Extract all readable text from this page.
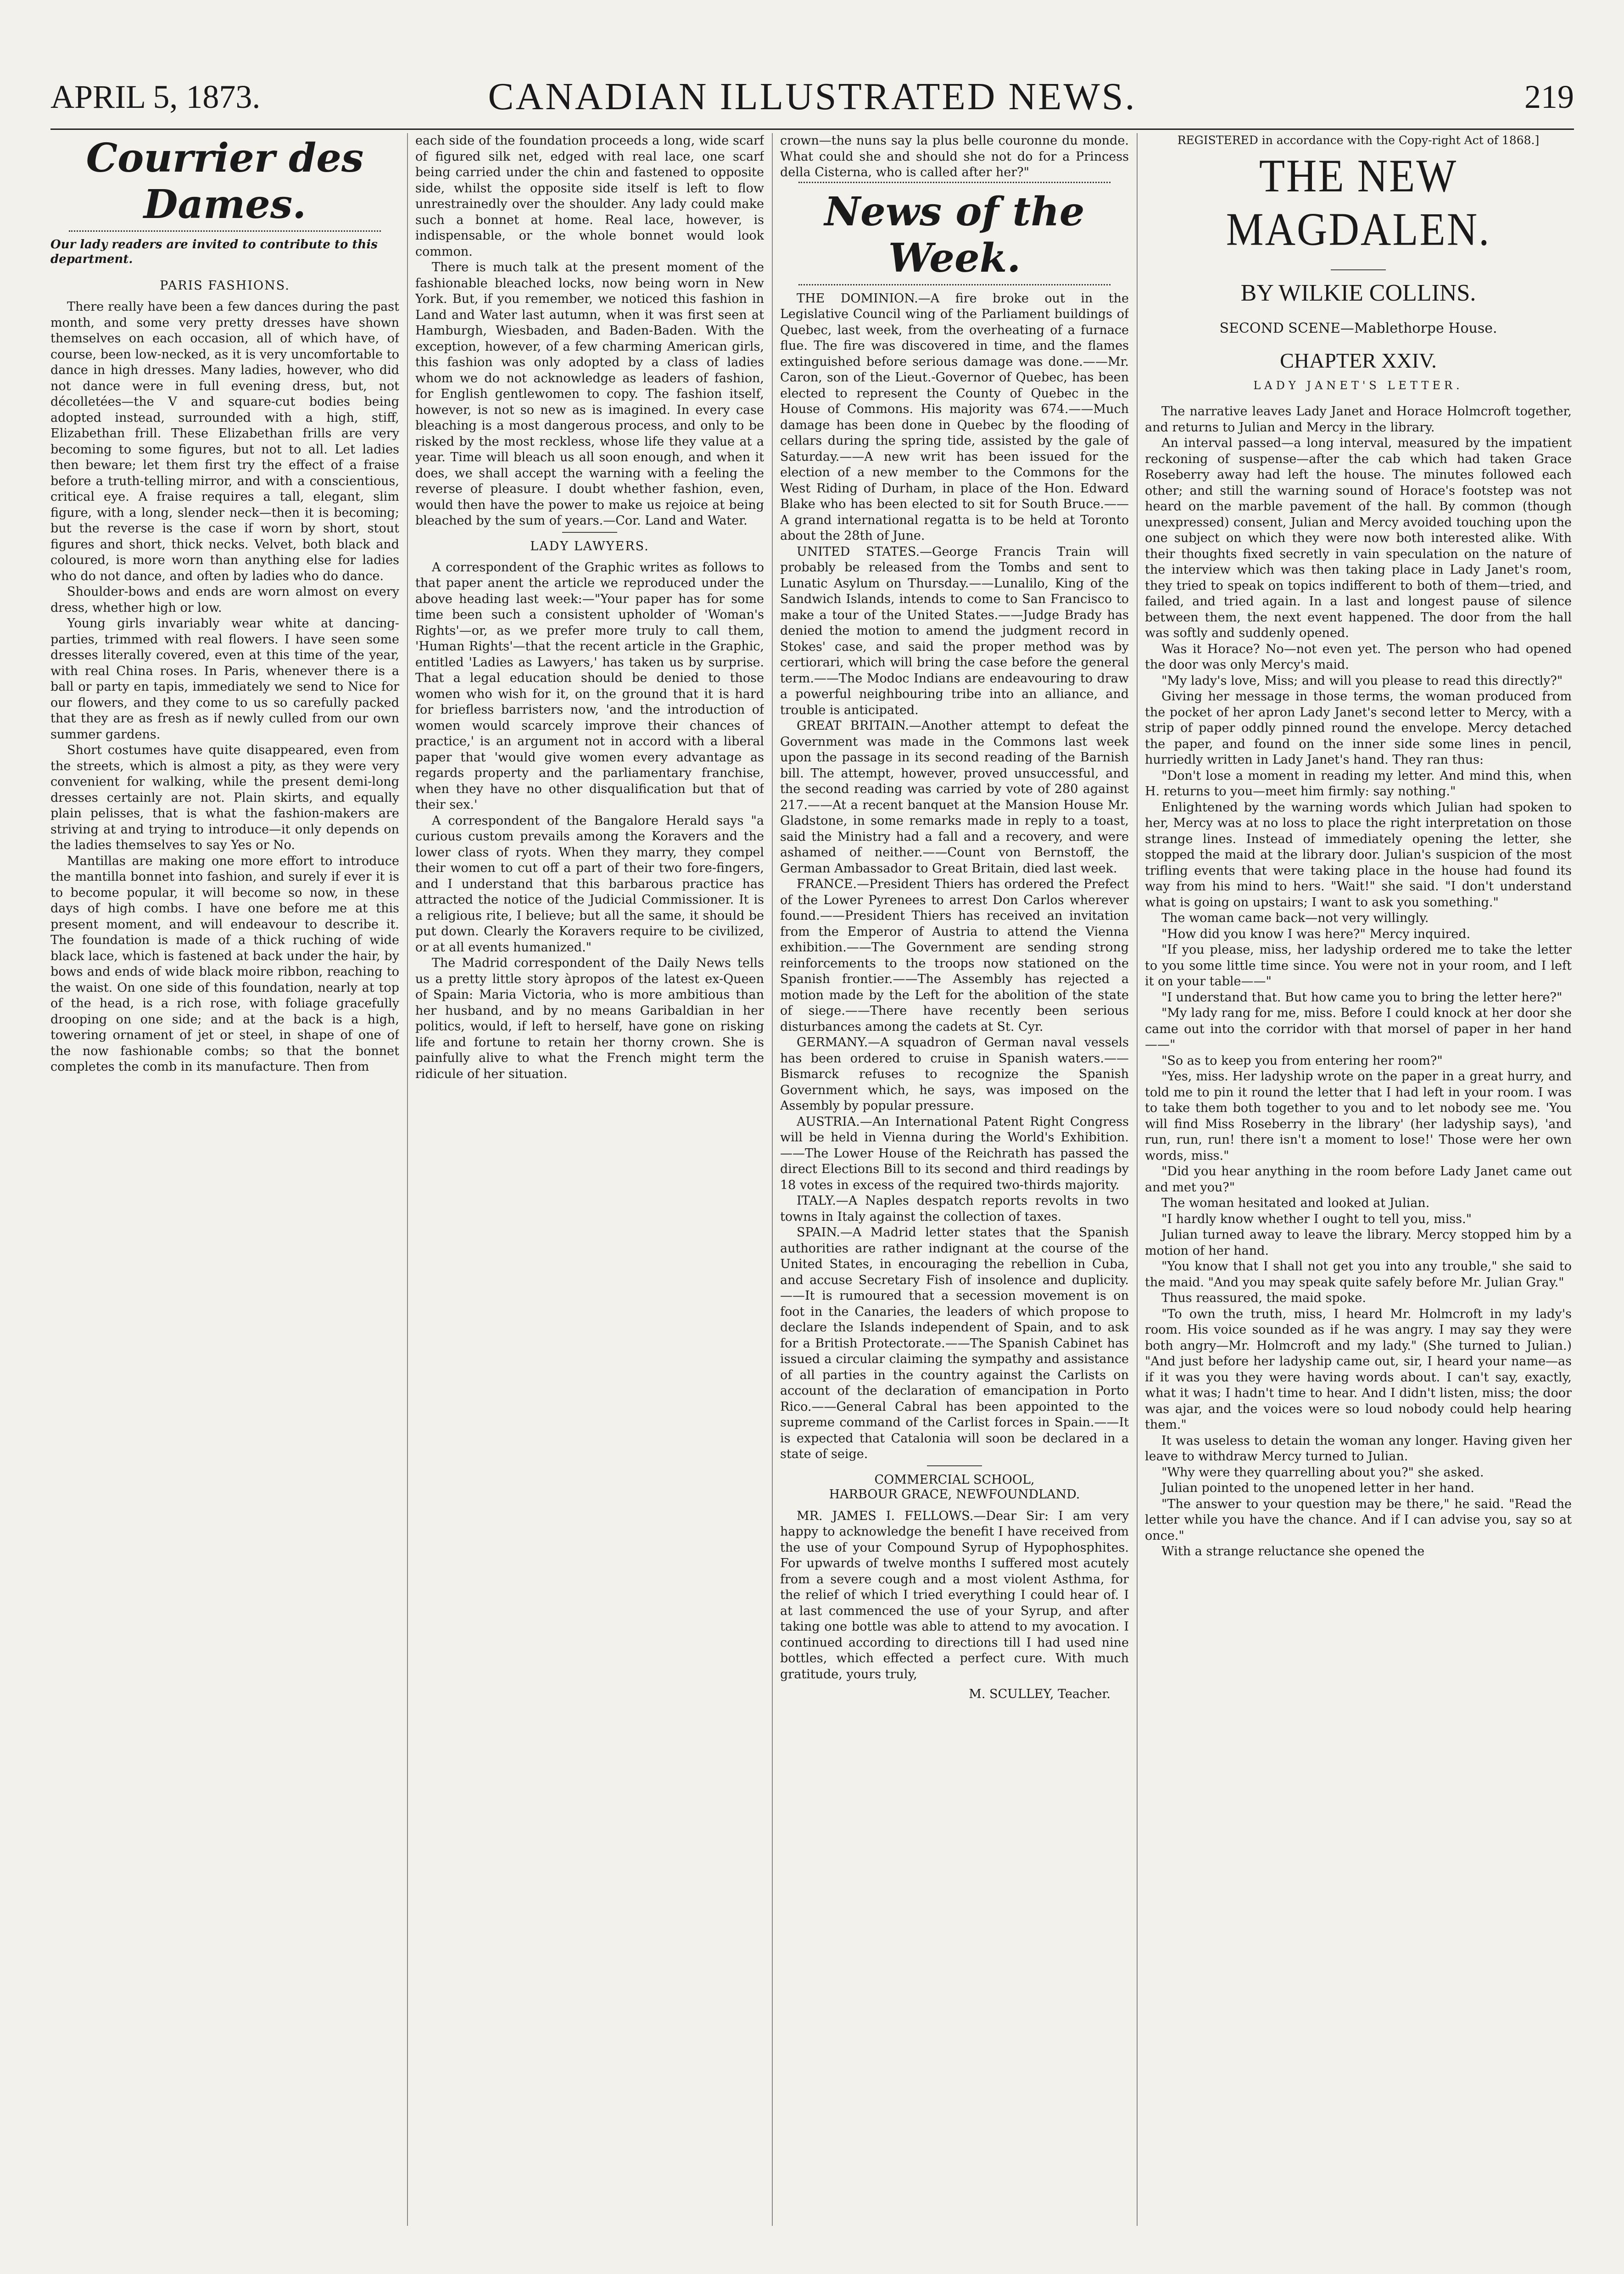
APRIL 5, 1873.	CANADIAN ILLUSTRATED NEWS.	219
Courrier des Dames.

Our lady readers are invited to contribute to this department.

PARIS FASHIONS.

There really have been a few dances during the past month, and some very pretty dresses have shown themselves on each occasion, all of which have, of course, been low-necked, as it is very uncomfortable to dance in high dresses. Many ladies, however, who did not dance were in full evening dress, but, not décolletées—the V and square-cut bodies being adopted instead, surrounded with a high, stiff, Elizabethan frill. These Elizabethan frills are very becoming to some figures, but not to all. Let ladies then beware; let them first try the effect of a fraise before a truth-telling mirror, and with a conscientious, critical eye. A fraise requires a tall, elegant, slim figure, with a long, slender neck—then it is becoming; but the reverse is the case if worn by short, stout figures and short, thick necks. Velvet, both black and coloured, is more worn than anything else for ladies who do not dance, and often by ladies who do dance.

Shoulder-bows and ends are worn almost on every dress, whether high or low.

Young girls invariably wear white at dancing-parties, trimmed with real flowers. I have seen some dresses literally covered, even at this time of the year, with real China roses. In Paris, whenever there is a ball or party en tapis, immediately we send to Nice for our flowers, and they come to us so carefully packed that they are as fresh as if newly culled from our own summer gardens.

Short costumes have quite disappeared, even from the streets, which is almost a pity, as they were very convenient for walking, while the present demi-long dresses certainly are not. Plain skirts, and equally plain pelisses, that is what the fashion-makers are striving at and trying to introduce—it only depends on the ladies themselves to say Yes or No.

Mantillas are making one more effort to introduce the mantilla bonnet into fashion, and surely if ever it is to become popular, it will become so now, in these days of high combs. I have one before me at this present moment, and will endeavour to describe it. The foundation is made of a thick ruching of wide black lace, which is fastened at back under the hair, by bows and ends of wide black moire ribbon, reaching to the waist. On one side of this foundation, nearly at top of the head, is a rich rose, with foliage gracefully drooping on one side; and at the back is a high, towering ornament of jet or steel, in shape of one of the now fashionable combs; so that the bonnet completes the comb in its manufacture. Then from

each side of the foundation proceeds a long, wide scarf of figured silk net, edged with real lace, one scarf being carried under the chin and fastened to opposite side, whilst the opposite side itself is left to flow unrestrainedly over the shoulder. Any lady could make such a bonnet at home. Real lace, however, is indispensable, or the whole bonnet would look common.

There is much talk at the present moment of the fashionable bleached locks, now being worn in New York. But, if you remember, we noticed this fashion in Land and Water last autumn, when it was first seen at Hamburgh, Wiesbaden, and Baden-Baden. With the exception, however, of a few charming American girls, this fashion was only adopted by a class of ladies whom we do not acknowledge as leaders of fashion, for English gentlewomen to copy. The fashion itself, however, is not so new as is imagined. In every case bleaching is a most dangerous process, and only to be risked by the most reckless, whose life they value at a year. Time will bleach us all soon enough, and when it does, we shall accept the warning with a feeling the reverse of pleasure. I doubt whether fashion, even, would then have the power to make us rejoice at being bleached by the sum of years.—Cor. Land and Water.

LADY LAWYERS.

A correspondent of the Graphic writes as follows to that paper anent the article we reproduced under the above heading last week:—"Your paper has for some time been such a consistent upholder of 'Woman's Rights'—or, as we prefer more truly to call them, 'Human Rights'—that the recent article in the Graphic, entitled 'Ladies as Lawyers,' has taken us by surprise. That a legal education should be denied to those women who wish for it, on the ground that it is hard for briefless barristers now, 'and the introduction of women would scarcely improve their chances of practice,' is an argument not in accord with a liberal paper that 'would give women every advantage as regards property and the parliamentary franchise, when they have no other disqualification but that of their sex.'

A correspondent of the Bangalore Herald says "a curious custom prevails among the Koravers and the lower class of ryots. When they marry, they compel their women to cut off a part of their two fore-fingers, and I understand that this barbarous practice has attracted the notice of the Judicial Commissioner. It is a religious rite, I believe; but all the same, it should be put down. Clearly the Koravers require to be civilized, or at all events humanized."

The Madrid correspondent of the Daily News tells us a pretty little story àpropos of the latest ex-Queen of Spain: Maria Victoria, who is more ambitious than her husband, and by no means Garibaldian in her politics, would, if left to herself, have gone on risking life and fortune to retain her thorny crown. She is painfully alive to what the French might term the ridicule of her situation.

crown—the nuns say la plus belle couronne du monde. What could she and should she not do for a Princess della Cisterna, who is called after her?"

News of the Week.

THE DOMINION.—A fire broke out in the Legislative Council wing of the Parliament buildings of Quebec, last week, from the overheating of a furnace flue. The fire was discovered in time, and the flames extinguished before serious damage was done.——Mr. Caron, son of the Lieut.-Governor of Quebec, has been elected to represent the County of Quebec in the House of Commons. His majority was 674.——Much damage has been done in Quebec by the flooding of cellars during the spring tide, assisted by the gale of Saturday.——A new writ has been issued for the election of a new member to the Commons for the West Riding of Durham, in place of the Hon. Edward Blake who has been elected to sit for South Bruce.——A grand international regatta is to be held at Toronto about the 28th of June.

UNITED STATES.—George Francis Train will probably be released from the Tombs and sent to Lunatic Asylum on Thursday.——Lunalilo, King of the Sandwich Islands, intends to come to San Francisco to make a tour of the United States.——Judge Brady has denied the motion to amend the judgment record in Stokes' case, and said the proper method was by certiorari, which will bring the case before the general term.——The Modoc Indians are endeavouring to draw a powerful neighbouring tribe into an alliance, and trouble is anticipated.

GREAT BRITAIN.—Another attempt to defeat the Government was made in the Commons last week upon the passage in its second reading of the Barnish bill. The attempt, however, proved unsuccessful, and the second reading was carried by vote of 280 against 217.——At a recent banquet at the Mansion House Mr. Gladstone, in some remarks made in reply to a toast, said the Ministry had a fall and a recovery, and were ashamed of neither.——Count von Bernstoff, the German Ambassador to Great Britain, died last week.

FRANCE.—President Thiers has ordered the Prefect of the Lower Pyrenees to arrest Don Carlos wherever found.——President Thiers has received an invitation from the Emperor of Austria to attend the Vienna exhibition.——The Government are sending strong reinforcements to the troops now stationed on the Spanish frontier.——The Assembly has rejected a motion made by the Left for the abolition of the state of siege.——There have recently been serious disturbances among the cadets at St. Cyr.

GERMANY.—A squadron of German naval vessels has been ordered to cruise in Spanish waters.——Bismarck refuses to recognize the Spanish Government which, he says, was imposed on the Assembly by popular pressure.

AUSTRIA.—An International Patent Right Congress will be held in Vienna during the World's Exhibition.——The Lower House of the Reichrath has passed the direct Elections Bill to its second and third readings by 18 votes in excess of the required two-thirds majority.

ITALY.—A Naples despatch reports revolts in two towns in Italy against the collection of taxes.

SPAIN.—A Madrid letter states that the Spanish authorities are rather indignant at the course of the United States, in encouraging the rebellion in Cuba, and accuse Secretary Fish of insolence and duplicity.——It is rumoured that a secession movement is on foot in the Canaries, the leaders of which propose to declare the Islands independent of Spain, and to ask for a British Protectorate.——The Spanish Cabinet has issued a circular claiming the sympathy and assistance of all parties in the country against the Carlists on account of the declaration of emancipation in Porto Rico.——General Cabral has been appointed to the supreme command of the Carlist forces in Spain.——It is expected that Catalonia will soon be declared in a state of seige.

COMMERCIAL SCHOOL,
HARBOUR GRACE, NEWFOUNDLAND.

MR. JAMES I. FELLOWS.—Dear Sir: I am very happy to acknowledge the benefit I have received from the use of your Compound Syrup of Hypophosphites. For upwards of twelve months I suffered most acutely from a severe cough and a most violent Asthma, for the relief of which I tried everything I could hear of. I at last commenced the use of your Syrup, and after taking one bottle was able to attend to my avocation. I continued according to directions till I had used nine bottles, which effected a perfect cure. With much gratitude, yours truly,

M. SCULLEY, Teacher.
REGISTERED in accordance with the Copy-right Act of 1868.]
THE NEW MAGDALEN.
BY WILKIE COLLINS.
SECOND SCENE—Mablethorpe House.
CHAPTER XXIV.
LADY JANET'S LETTER.

The narrative leaves Lady Janet and Horace Holmcroft together, and returns to Julian and Mercy in the library.

An interval passed—a long interval, measured by the impatient reckoning of suspense—after the cab which had taken Grace Roseberry away had left the house. The minutes followed each other; and still the warning sound of Horace's footstep was not heard on the marble pavement of the hall. By common (though unexpressed) consent, Julian and Mercy avoided touching upon the one subject on which they were now both interested alike. With their thoughts fixed secretly in vain speculation on the nature of the interview which was then taking place in Lady Janet's room, they tried to speak on topics indifferent to both of them—tried, and failed, and tried again. In a last and longest pause of silence between them, the next event happened. The door from the hall was softly and suddenly opened.

Was it Horace? No—not even yet. The person who had opened the door was only Mercy's maid.

"My lady's love, Miss; and will you please to read this directly?"

Giving her message in those terms, the woman produced from the pocket of her apron Lady Janet's second letter to Mercy, with a strip of paper oddly pinned round the envelope. Mercy detached the paper, and found on the inner side some lines in pencil, hurriedly written in Lady Janet's hand. They ran thus:

"Don't lose a moment in reading my letter. And mind this, when H. returns to you—meet him firmly: say nothing."

Enlightened by the warning words which Julian had spoken to her, Mercy was at no loss to place the right interpretation on those strange lines. Instead of immediately opening the letter, she stopped the maid at the library door. Julian's suspicion of the most trifling events that were taking place in the house had found its way from his mind to hers. "Wait!" she said. "I don't understand what is going on upstairs; I want to ask you something."

The woman came back—not very willingly.

"How did you know I was here?" Mercy inquired.

"If you please, miss, her ladyship ordered me to take the letter to you some little time since. You were not in your room, and I left it on your table——"

"I understand that. But how came you to bring the letter here?"

"My lady rang for me, miss. Before I could knock at her door she came out into the corridor with that morsel of paper in her hand——"

"So as to keep you from entering her room?"

"Yes, miss. Her ladyship wrote on the paper in a great hurry, and told me to pin it round the letter that I had left in your room. I was to take them both together to you and to let nobody see me. 'You will find Miss Roseberry in the library' (her ladyship says), 'and run, run, run! there isn't a moment to lose!' Those were her own words, miss."

"Did you hear anything in the room before Lady Janet came out and met you?"

The woman hesitated and looked at Julian.

"I hardly know whether I ought to tell you, miss."

Julian turned away to leave the library. Mercy stopped him by a motion of her hand.

"You know that I shall not get you into any trouble," she said to the maid. "And you may speak quite safely before Mr. Julian Gray."

Thus reassured, the maid spoke.

"To own the truth, miss, I heard Mr. Holmcroft in my lady's room. His voice sounded as if he was angry. I may say they were both angry—Mr. Holmcroft and my lady." (She turned to Julian.) "And just before her ladyship came out, sir, I heard your name—as if it was you they were having words about. I can't say, exactly, what it was; I hadn't time to hear. And I didn't listen, miss; the door was ajar, and the voices were so loud nobody could help hearing them."

It was useless to detain the woman any longer. Having given her leave to withdraw Mercy turned to Julian.

"Why were they quarrelling about you?" she asked.

Julian pointed to the unopened letter in her hand.

"The answer to your question may be there," he said. "Read the letter while you have the chance. And if I can advise you, say so at once."

With a strange reluctance she opened the
